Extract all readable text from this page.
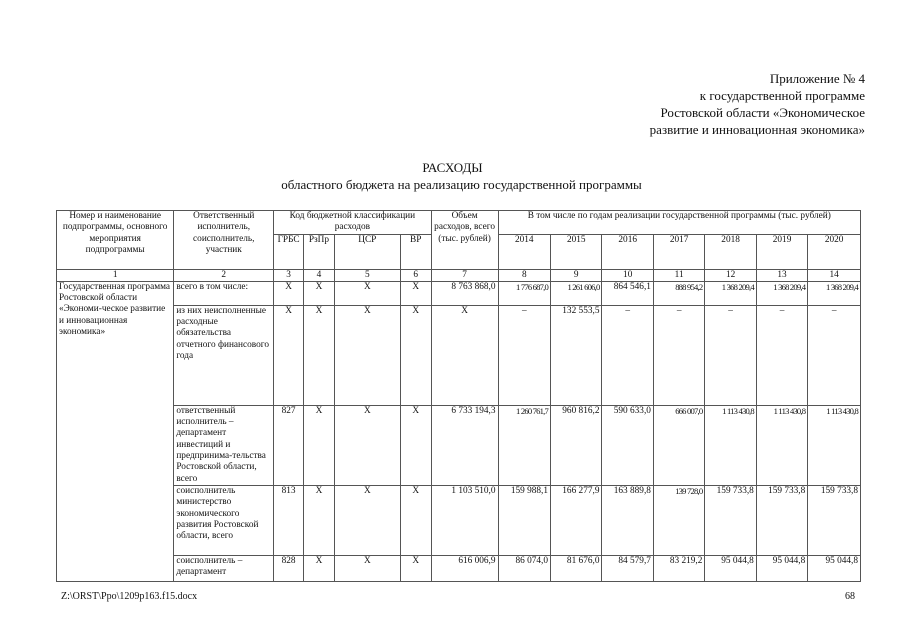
Приложение № 4
к государственной программе
Ростовской области «Экономическое
развитие и инновационная экономика»
РАСХОДЫ
областного бюджета на реализацию государственной программы
Номер и наименование подпрограммы, основного мероприятия подпрограммы	Ответственный исполнитель, соисполнитель, участник	Код бюджетной классификации расходов				Объем расходов, всего (тыс. рублей)	В том числе по годам реализации государственной программы (тыс. рублей)						
		ГРБС	РзПр	ЦСР	ВР		2014	2015	2016	2017	2018	2019	2020
1	2	3	4	5	6	7	8	9	10	11	12	13	14
Государственная программа Ростовской области «Экономи-ческое развитие и инновационная экономика»	всего в том числе:	X	X	X	X	8 763 868,0	1 776 687,0	1 261 606,0	864 546,1	888 954,2	1 368 209,4	1 368 209,4	1 368 209,4
	из них неисполненные расходные обязательства отчетного финансового года	X	X	X	X	X	–	132 553,5	–	–	–	–	–
	ответственный исполнитель – департамент инвестиций и предпринима-тельства Ростовской области, всего	827	X	X	X	6 733 194,3	1 260 761,7	960 816,2	590 633,0	666 007,0	1 113 430,8	1 113 430,8	1 113 430,8
	соисполнитель министерство экономического развития Ростовской области, всего	813	X	X	X	1 103 510,0	159 988,1	166 277,9	163 889,8	139 728,0	159 733,8	159 733,8	159 733,8
	соисполнитель – департамент	828	X	X	X	616 006,9	86 074,0	81 676,0	84 579,7	83 219,2	95 044,8	95 044,8	95 044,8
Z:\ORST\Ppo\1209p163.f15.docx	68
